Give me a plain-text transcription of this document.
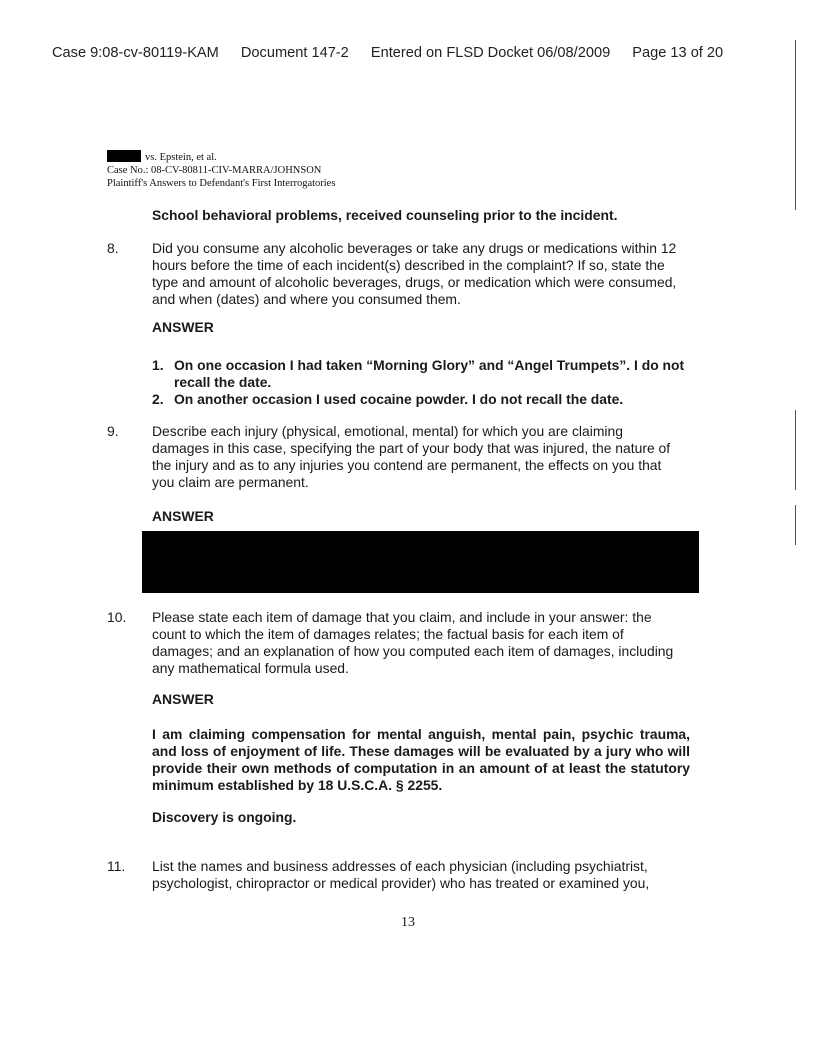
Case 9:08-cv-80119-KAM Document 147-2 Entered on FLSD Docket 06/08/2009 Page 13 of 20
vs. Epstein, et al.
Case No.: 08-CV-80811-CIV-MARRA/JOHNSON
Plaintiff's Answers to Defendant's First Interrogatories
School behavioral problems, received counseling prior to the incident.
8. Did you consume any alcoholic beverages or take any drugs or medications within 12 hours before the time of each incident(s) described in the complaint? If so, state the type and amount of alcoholic beverages, drugs, or medication which were consumed, and when (dates) and where you consumed them.
ANSWER
1. On one occasion I had taken “Morning Glory” and “Angel Trumpets”. I do not recall the date.
2. On another occasion I used cocaine powder. I do not recall the date.
9. Describe each injury (physical, emotional, mental) for which you are claiming damages in this case, specifying the part of your body that was injured, the nature of the injury and as to any injuries you contend are permanent, the effects on you that you claim are permanent.
ANSWER
10. Please state each item of damage that you claim, and include in your answer: the count to which the item of damages relates; the factual basis for each item of damages; and an explanation of how you computed each item of damages, including any mathematical formula used.
ANSWER
I am claiming compensation for mental anguish, mental pain, psychic trauma, and loss of enjoyment of life. These damages will be evaluated by a jury who will provide their own methods of computation in an amount of at least the statutory minimum established by 18 U.S.C.A. § 2255.
Discovery is ongoing.
11. List the names and business addresses of each physician (including psychiatrist, psychologist, chiropractor or medical provider) who has treated or examined you,
13
